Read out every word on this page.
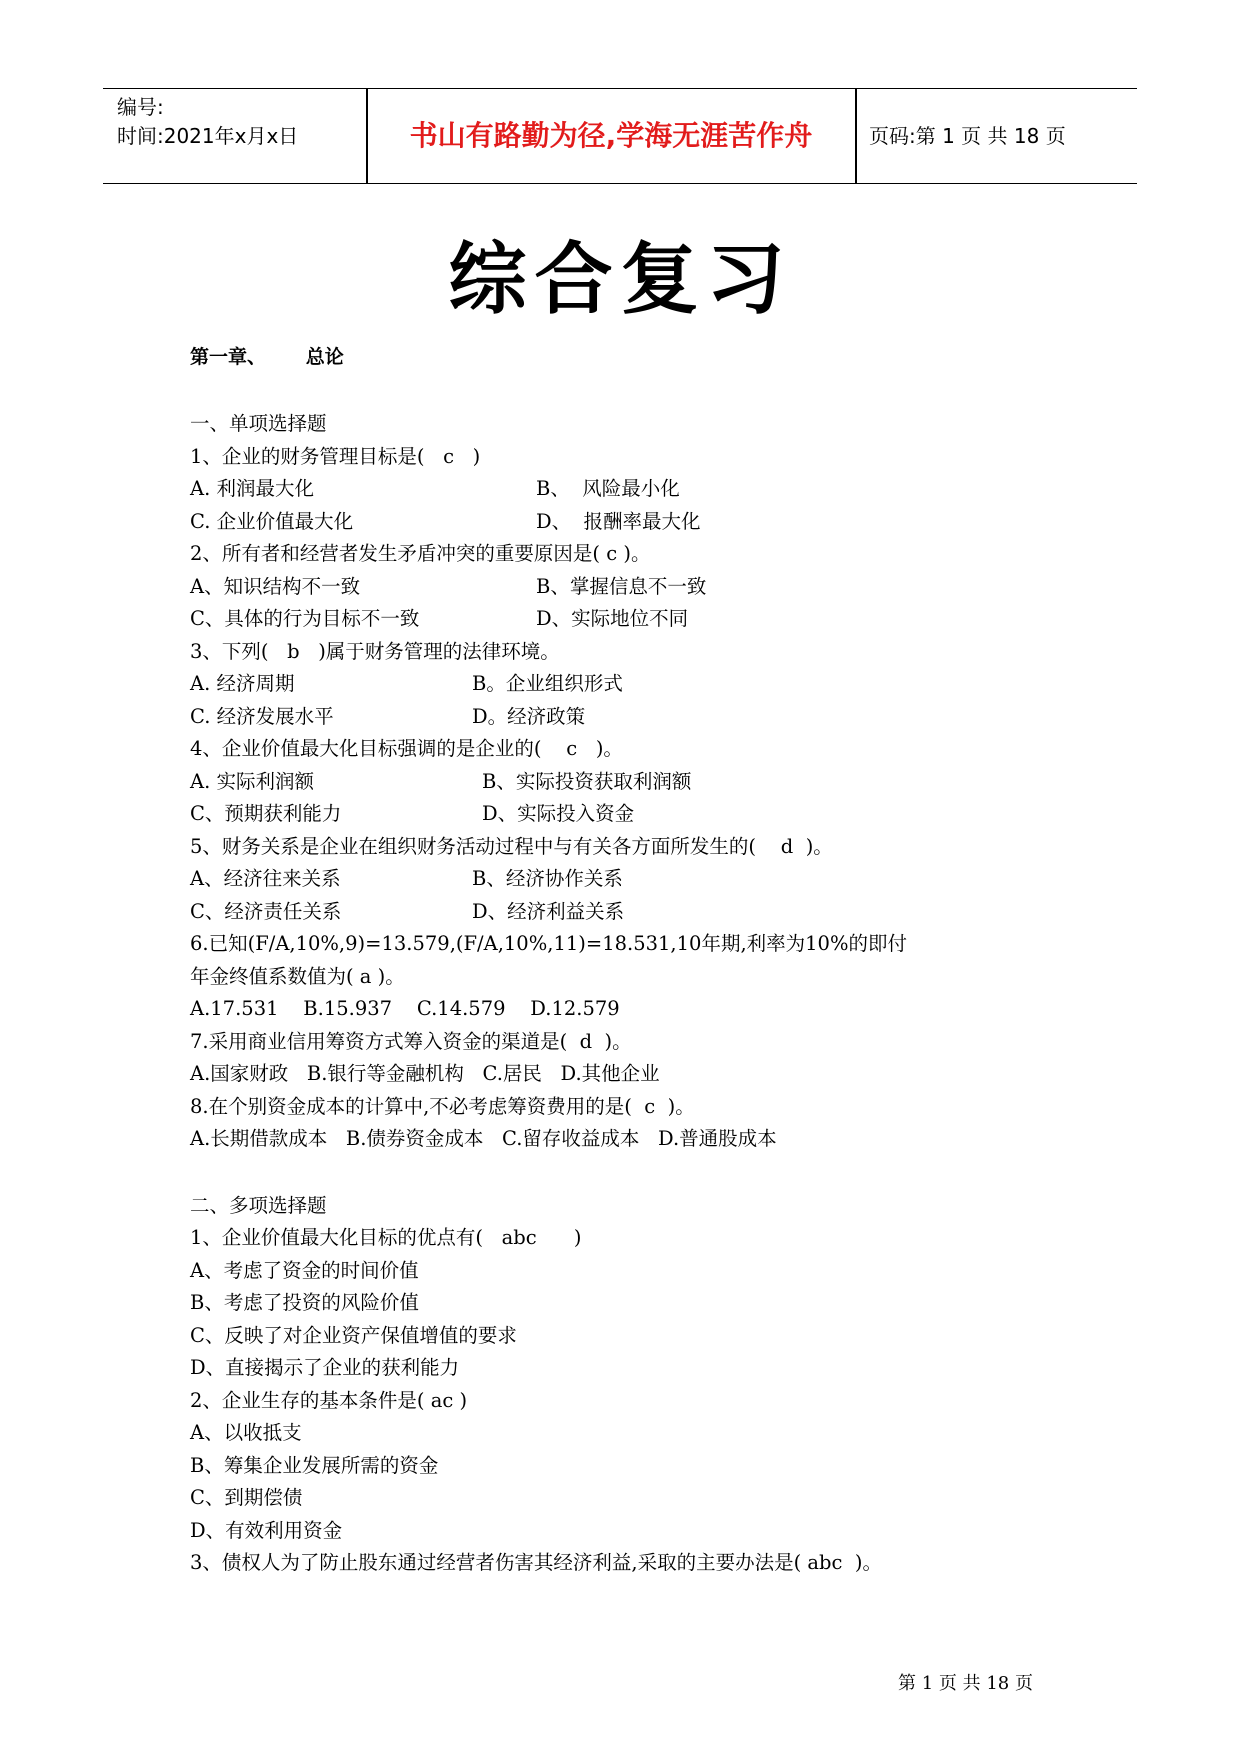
编号:
时间:2021年x月x日	书山有路勤为径,学海无涯苦作舟	页码:第 1 页 共 18 页
综合复习
第一章、      总论
一、单项选择题
1、企业的财务管理目标是(   c   )
A. 利润最大化	B、  风险最小化
C. 企业价值最大化	D、  报酬率最大化
2、所有者和经营者发生矛盾冲突的重要原因是( c )。
A、知识结构不一致	B、掌握信息不一致
C、具体的行为目标不一致	D、实际地位不同
3、下列(   b   )属于财务管理的法律环境。
A. 经济周期	B。企业组织形式
C. 经济发展水平	D。经济政策
4、企业价值最大化目标强调的是企业的(    c   )。
A. 实际利润额	B、实际投资获取利润额
C、预期获利能力	D、实际投入资金
5、财务关系是企业在组织财务活动过程中与有关各方面所发生的(    d  )。
A、经济往来关系	B、经济协作关系
C、经济责任关系	D、经济利益关系
6.已知(F/A,10%,9)=13.579,(F/A,10%,11)=18.531,10年期,利率为10%的即付
年金终值系数值为( a )。
A.17.531    B.15.937    C.14.579    D.12.579
7.采用商业信用筹资方式筹入资金的渠道是(  d  )。
A.国家财政   B.银行等金融机构   C.居民   D.其他企业
8.在个别资金成本的计算中,不必考虑筹资费用的是(  c  )。
A.长期借款成本   B.债券资金成本   C.留存收益成本   D.普通股成本
二、多项选择题
1、企业价值最大化目标的优点有(   abc      )
A、考虑了资金的时间价值
B、考虑了投资的风险价值
C、反映了对企业资产保值增值的要求
D、直接揭示了企业的获利能力
2、企业生存的基本条件是( ac )
A、以收抵支
B、筹集企业发展所需的资金
C、到期偿债
D、有效利用资金
3、债权人为了防止股东通过经营者伤害其经济利益,采取的主要办法是( abc  )。
第 1 页 共 18 页
